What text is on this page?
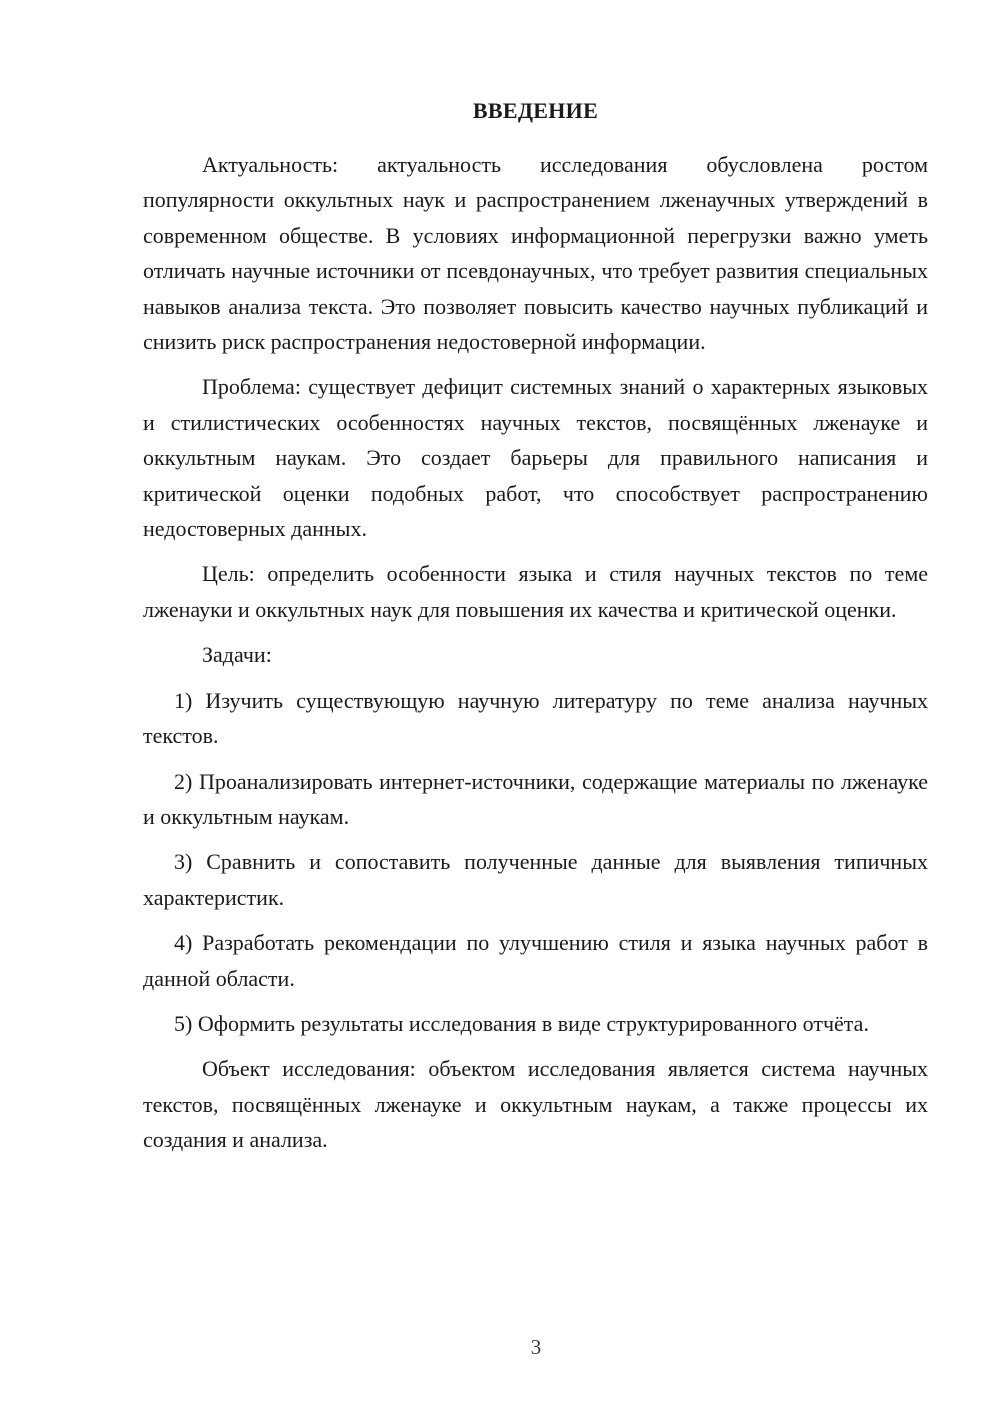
ВВЕДЕНИЕ

Актуальность: актуальность исследования обусловлена ростом популярности оккультных наук и распространением лженаучных утверждений в современном обществе. В условиях информационной перегрузки важно уметь отличать научные источники от псевдонаучных, что требует развития специальных навыков анализа текста. Это позволяет повысить качество научных публикаций и снизить риск распространения недостоверной информации.

Проблема: существует дефицит системных знаний о характерных языковых и стилистических особенностях научных текстов, посвящённых лженауке и оккультным наукам. Это создает барьеры для правильного написания и критической оценки подобных работ, что способствует распространению недостоверных данных.

Цель: определить особенности языка и стиля научных текстов по теме лженауки и оккультных наук для повышения их качества и критической оценки.

Задачи:

1) Изучить существующую научную литературу по теме анализа научных текстов.

2) Проанализировать интернет-источники, содержащие материалы по лженауке и оккультным наукам.

3) Сравнить и сопоставить полученные данные для выявления типичных характеристик.

4) Разработать рекомендации по улучшению стиля и языка научных работ в данной области.

5) Оформить результаты исследования в виде структурированного отчёта.

Объект исследования: объектом исследования является система научных текстов, посвящённых лженауке и оккультным наукам, а также процессы их создания и анализа.

3
